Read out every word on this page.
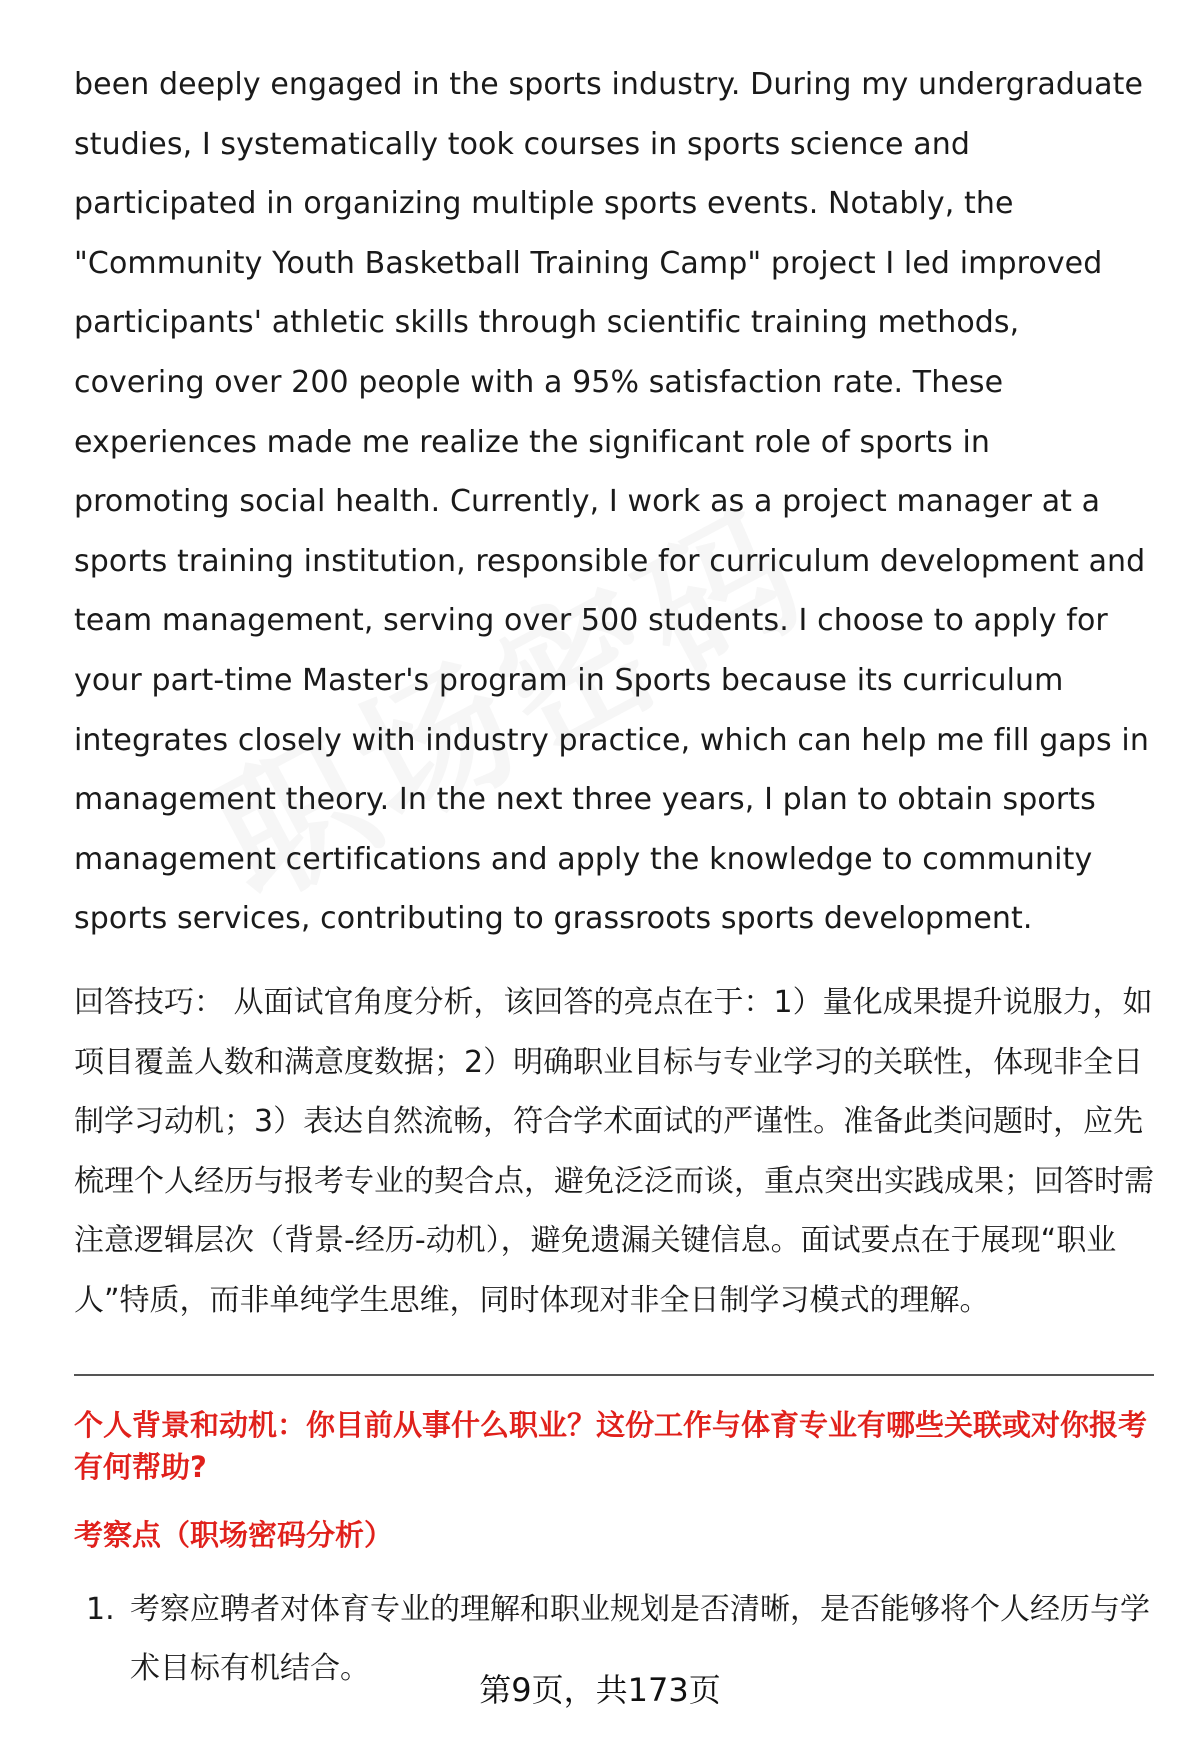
been deeply engaged in the sports industry. During my undergraduate studies, I systematically took courses in sports science and participated in organizing multiple sports events. Notably, the "Community Youth Basketball Training Camp" project I led improved participants' athletic skills through scientific training methods, covering over 200 people with a 95% satisfaction rate. These experiences made me realize the significant role of sports in promoting social health. Currently, I work as a project manager at a sports training institution, responsible for curriculum development and team management, serving over 500 students. I choose to apply for your part-time Master's program in Sports because its curriculum integrates closely with industry practice, which can help me fill gaps in management theory. In the next three years, I plan to obtain sports management certifications and apply the knowledge to community sports services, contributing to grassroots sports development.

回答技巧： 从面试官角度分析，该回答的亮点在于：1）量化成果提升说服力，如项目覆盖人数和满意度数据；2）明确职业目标与专业学习的关联性，体现非全日制学习动机；3）表达自然流畅，符合学术面试的严谨性。准备此类问题时，应先梳理个人经历与报考专业的契合点，避免泛泛而谈，重点突出实践成果；回答时需注意逻辑层次（背景-经历-动机），避免遗漏关键信息。面试要点在于展现“职业人”特质，而非单纯学生思维，同时体现对非全日制学习模式的理解。

个人背景和动机：你目前从事什么职业？这份工作与体育专业有哪些关联或对你报考有何帮助?
考察点（职场密码分析）
1. 考察应聘者对体育专业的理解和职业规划是否清晰，是否能够将个人经历与学术目标有机结合。
第9页，共173页
